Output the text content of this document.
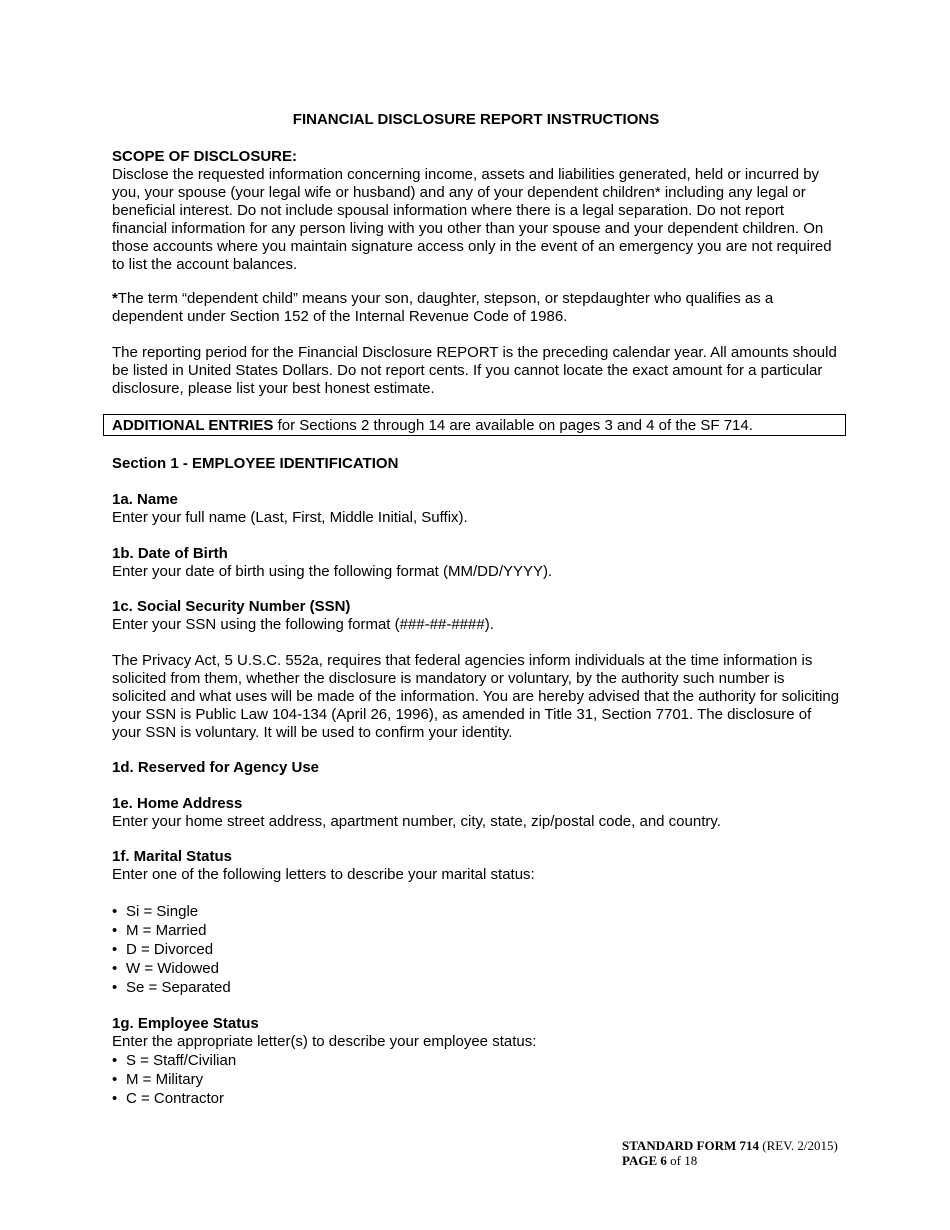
FINANCIAL DISCLOSURE REPORT INSTRUCTIONS

SCOPE OF DISCLOSURE:

Disclose the requested information concerning income, assets and liabilities generated, held or incurred by you, your spouse (your legal wife or husband) and any of your dependent children* including any legal or beneficial interest. Do not include spousal information where there is a legal separation. Do not report financial information for any person living with you other than your spouse and your dependent children. On those accounts where you maintain signature access only in the event of an emergency you are not required to list the account balances.

*The term “dependent child” means your son, daughter, stepson, or stepdaughter who qualifies as a dependent under Section 152 of the Internal Revenue Code of 1986.

The reporting period for the Financial Disclosure REPORT is the preceding calendar year. All amounts should be listed in United States Dollars. Do not report cents. If you cannot locate the exact amount for a particular disclosure, please list your best honest estimate.

ADDITIONAL ENTRIES for Sections 2 through 14 are available on pages 3 and 4 of the SF 714.

Section 1 - EMPLOYEE IDENTIFICATION

1a. Name

Enter your full name (Last, First, Middle Initial, Suffix).

1b. Date of Birth

Enter your date of birth using the following format (MM/DD/YYYY).

1c. Social Security Number (SSN)

Enter your SSN using the following format (###-##-####).

The Privacy Act, 5 U.S.C. 552a, requires that federal agencies inform individuals at the time information is solicited from them, whether the disclosure is mandatory or voluntary, by the authority such number is solicited and what uses will be made of the information. You are hereby advised that the authority for soliciting your SSN is Public Law 104-134 (April 26, 1996), as amended in Title 31, Section 7701. The disclosure of your SSN is voluntary. It will be used to confirm your identity.

1d. Reserved for Agency Use

1e. Home Address

Enter your home street address, apartment number, city, state, zip/postal code, and country.

1f. Marital Status

Enter one of the following letters to describe your marital status:

• Si = Single
• M = Married
• D = Divorced
• W = Widowed
• Se = Separated

1g. Employee Status

Enter the appropriate letter(s) to describe your employee status:

• S = Staff/Civilian
• M = Military
• C = Contractor
STANDARD FORM 714 (REV. 2/2015)
PAGE 6 of 18
